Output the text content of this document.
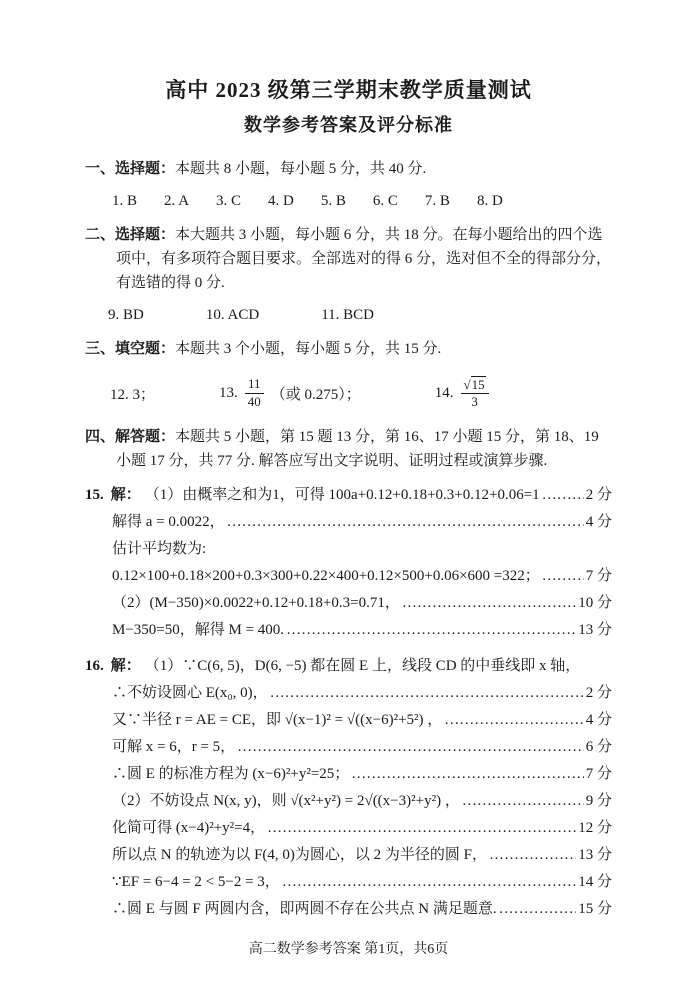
高中 2023 级第三学期末教学质量测试
数学参考答案及评分标准

一、选择题：本题共 8 小题，每小题 5 分，共 40 分.

1. B 2. A 3. C 4. D 5. B 6. C 7. B 8. D

二、选择题：本大题共 3 小题，每小题 6 分，共 18 分。在每小题给出的四个选项中，有多项符合题目要求。全部选对的得 6 分，选对但不全的得部分分，有选错的得 0 分.

9. BD	10. ACD	11. BCD

三、填空题：本题共 3 个小题，每小题 5 分，共 15 分.

12. 3；	13. $\frac{11}{40}$ （或 0.275）；	14. $\frac{√ 15}{3}$

四、解答题：本题共 5 小题，第 15 题 13 分，第 16、17 小题 15 分，第 18、19 小题 17 分，共 77 分. 解答应写出文字说明、证明过程或演算步骤.

15. 解： （1）由概率之和为1，可得 100a+0.12+0.18+0.3+0.12+0.06=1 …………………………………………………………………………………………………………………………	2 分
解得 a = 0.0022， …………………………………………………………………………………………………………………………	4 分
估计平均数为:
0.12×100+0.18×200+0.3×300+0.22×400+0.12×500+0.06×600 =322； …………………………………………………………………………………………………………………………	7 分
（2）(M−350)×0.0022+0.12+0.18+0.3=0.71， …………………………………………………………………………………………………………………………	10 分
M−350=50，解得 M = 400. …………………………………………………………………………………………………………………………	13 分
16. 解： （1）∵C(6, 5)，D(6, −5) 都在圆 E 上，线段 CD 的中垂线即 x 轴，
∴不妨设圆心 E(x₀, 0)， …………………………………………………………………………………………………………………………	2 分
又∵半径 r = AE = CE，即 √(x−1)² = √((x−6)²+5²) ， …………………………………………………………………………………………………………………………	4 分
可解 x = 6，r = 5， …………………………………………………………………………………………………………………………	6 分
∴圆 E 的标准方程为 (x−6)²+y²=25； …………………………………………………………………………………………………………………………	7 分
（2）不妨设点 N(x, y)，则 √(x²+y²) = 2√((x−3)²+y²) ， …………………………………………………………………………………………………………………………	9 分
化简可得 (x−4)²+y²=4， …………………………………………………………………………………………………………………………	12 分
所以点 N 的轨迹为以 F(4, 0)为圆心，以 2 为半径的圆 F， …………………………………………………………………………………………………………………………	13 分
∵EF = 6−4 = 2 < 5−2 = 3， …………………………………………………………………………………………………………………………	14 分
∴圆 E 与圆 F 两圆内含，即两圆不存在公共点 N 满足题意. …………………………………………………………………………………………………………………………	15 分
高二数学参考答案 第1页，共6页
